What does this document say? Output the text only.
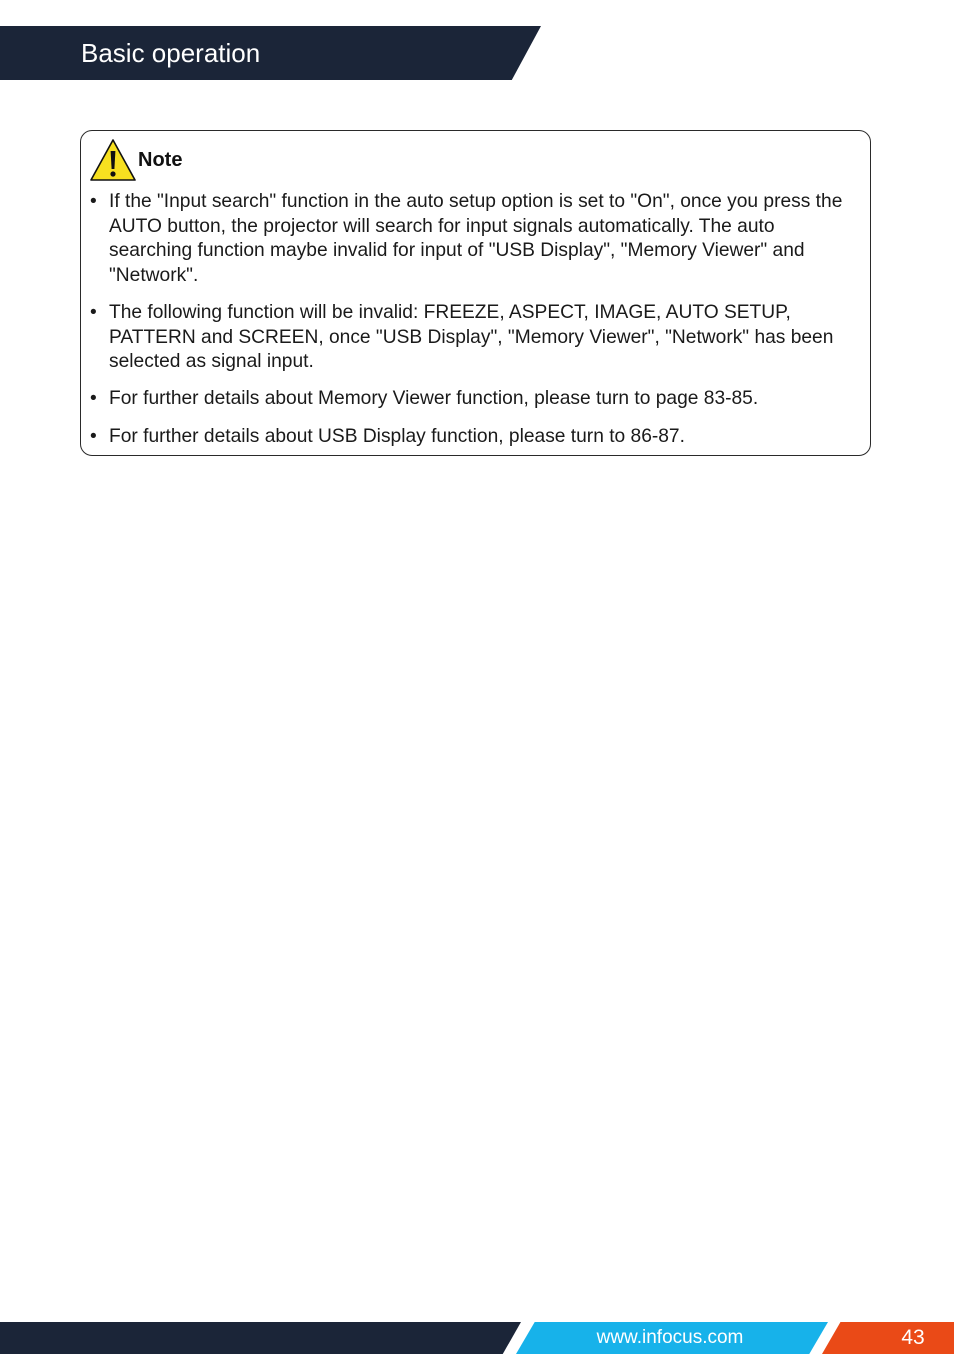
Basic operation
Note
• If the "Input search" function in the auto setup option is set to "On", once you press the AUTO button, the projector will search for input signals automatically. The auto searching function maybe invalid for input of "USB Display", "Memory Viewer" and "Network".
• The following function will be invalid: FREEZE, ASPECT, IMAGE, AUTO SETUP, PATTERN and SCREEN, once "USB Display", "Memory Viewer", "Network" has been selected as signal input.
• For further details about Memory Viewer function, please turn to page 83-85.
• For further details about USB Display function, please turn to 86-87.
www.infocus.com	43
